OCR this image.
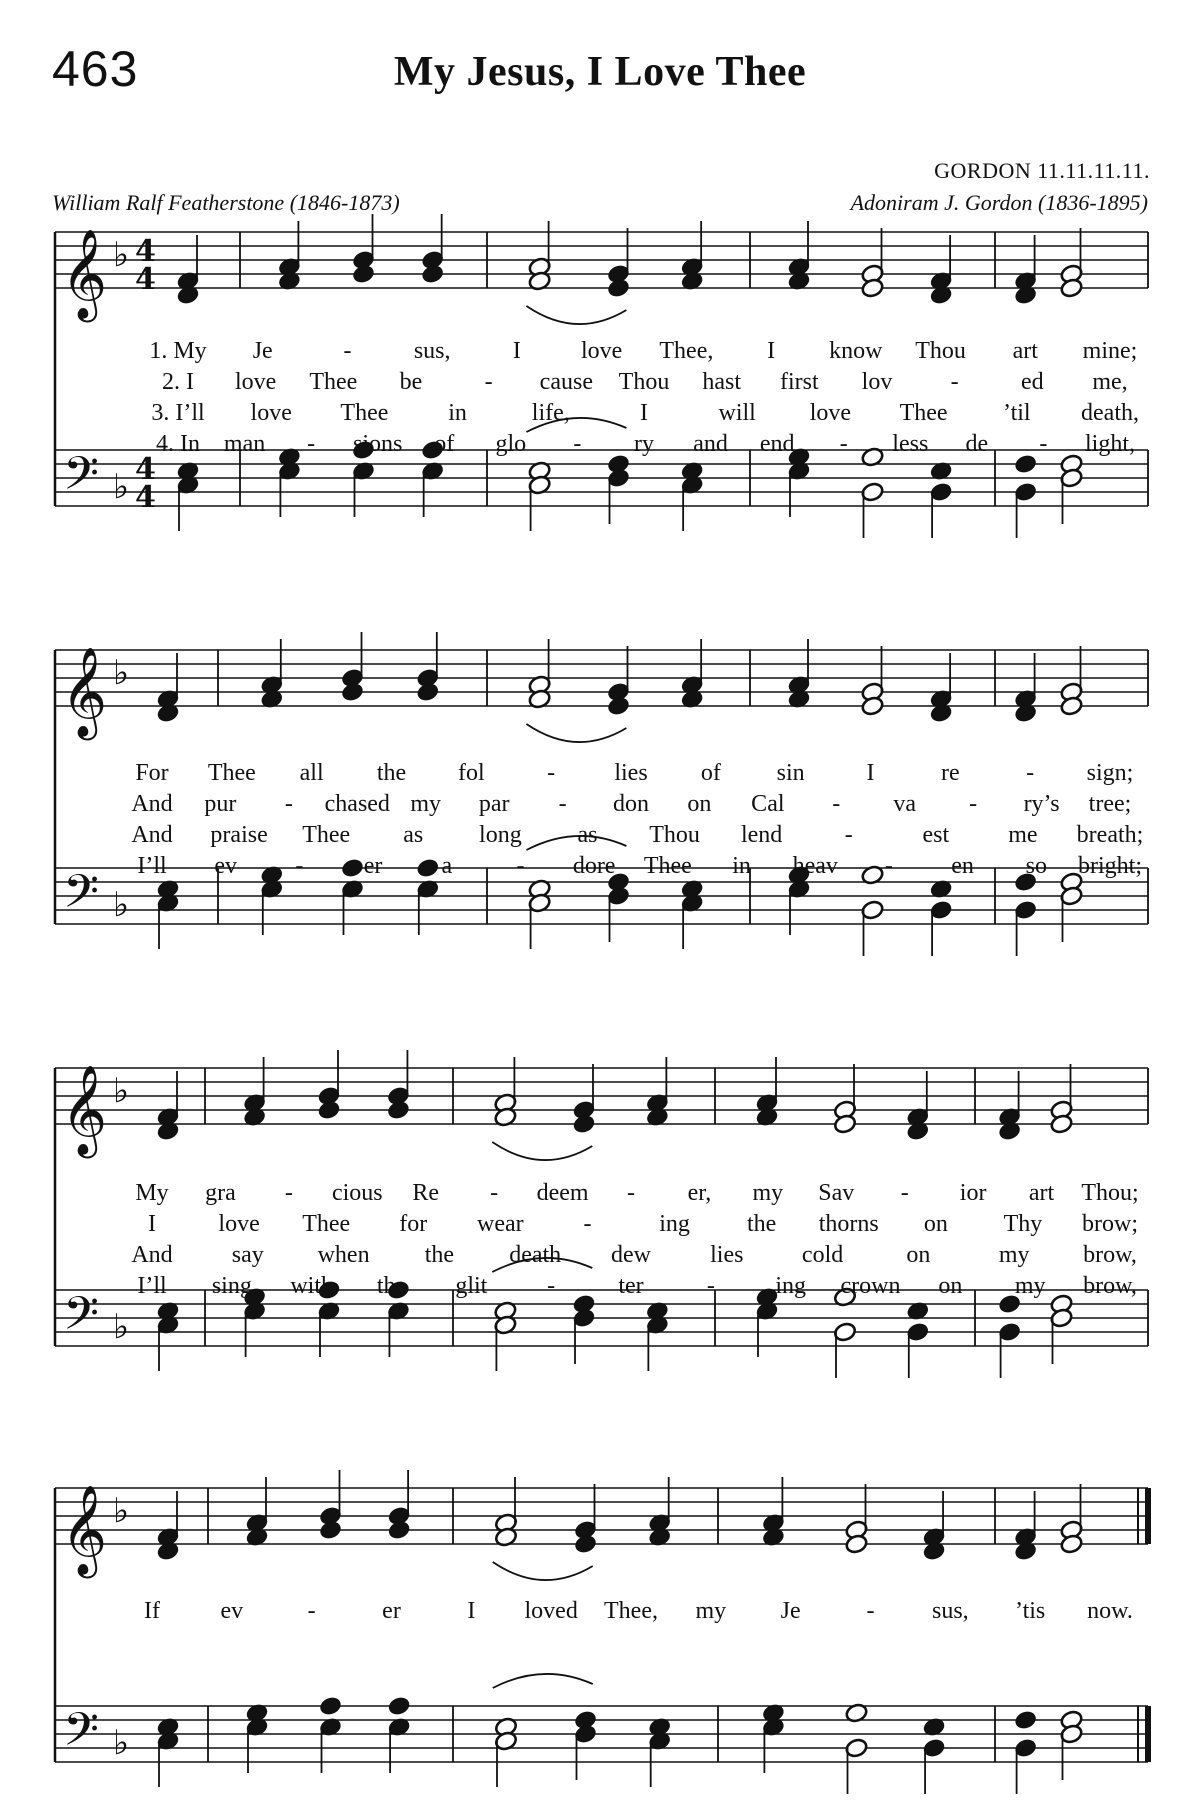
463	My Jesus, I Love Thee
GORDON 11.11.11.11.
William Ralf Featherstone (1846-1873)	Adoniram J. Gordon (1836-1895)
𝄞
𝄢
♭
♭
4
4
4
4
𝄞
𝄢
♭
♭
𝄞
𝄢
♭
♭
𝄞
𝄢
♭
♭
1. My Je	-	sus,	I	love Thee, I know Thou art mine;
2. I love Thee be	- cause Thou hast first lov -	ed me,
3. I’ll love Thee in	life,	I	will love Thee ’til death,
4. In man - sions of glo - ry and end - less de - light,
For Thee all the fol	- lies of sin	I	re	- sign;
And pur - chased my par - don on Cal - va - ry’s tree;
And praise Thee as long as Thou lend	-	est me breath;
I’ll ev -	er a	- dore Thee in heav - en so bright;
My gra - cious Re - deem - er, my Sav - ior art Thou;
I	love Thee for wear -	ing the thorns on Thy brow;
And say when the death dew lies cold	on	my brow,
I’ll sing with the glit -	ter	-	ing crown on my brow,
If	ev	-	er	I loved Thee, my Je	- sus, ’tis now.
